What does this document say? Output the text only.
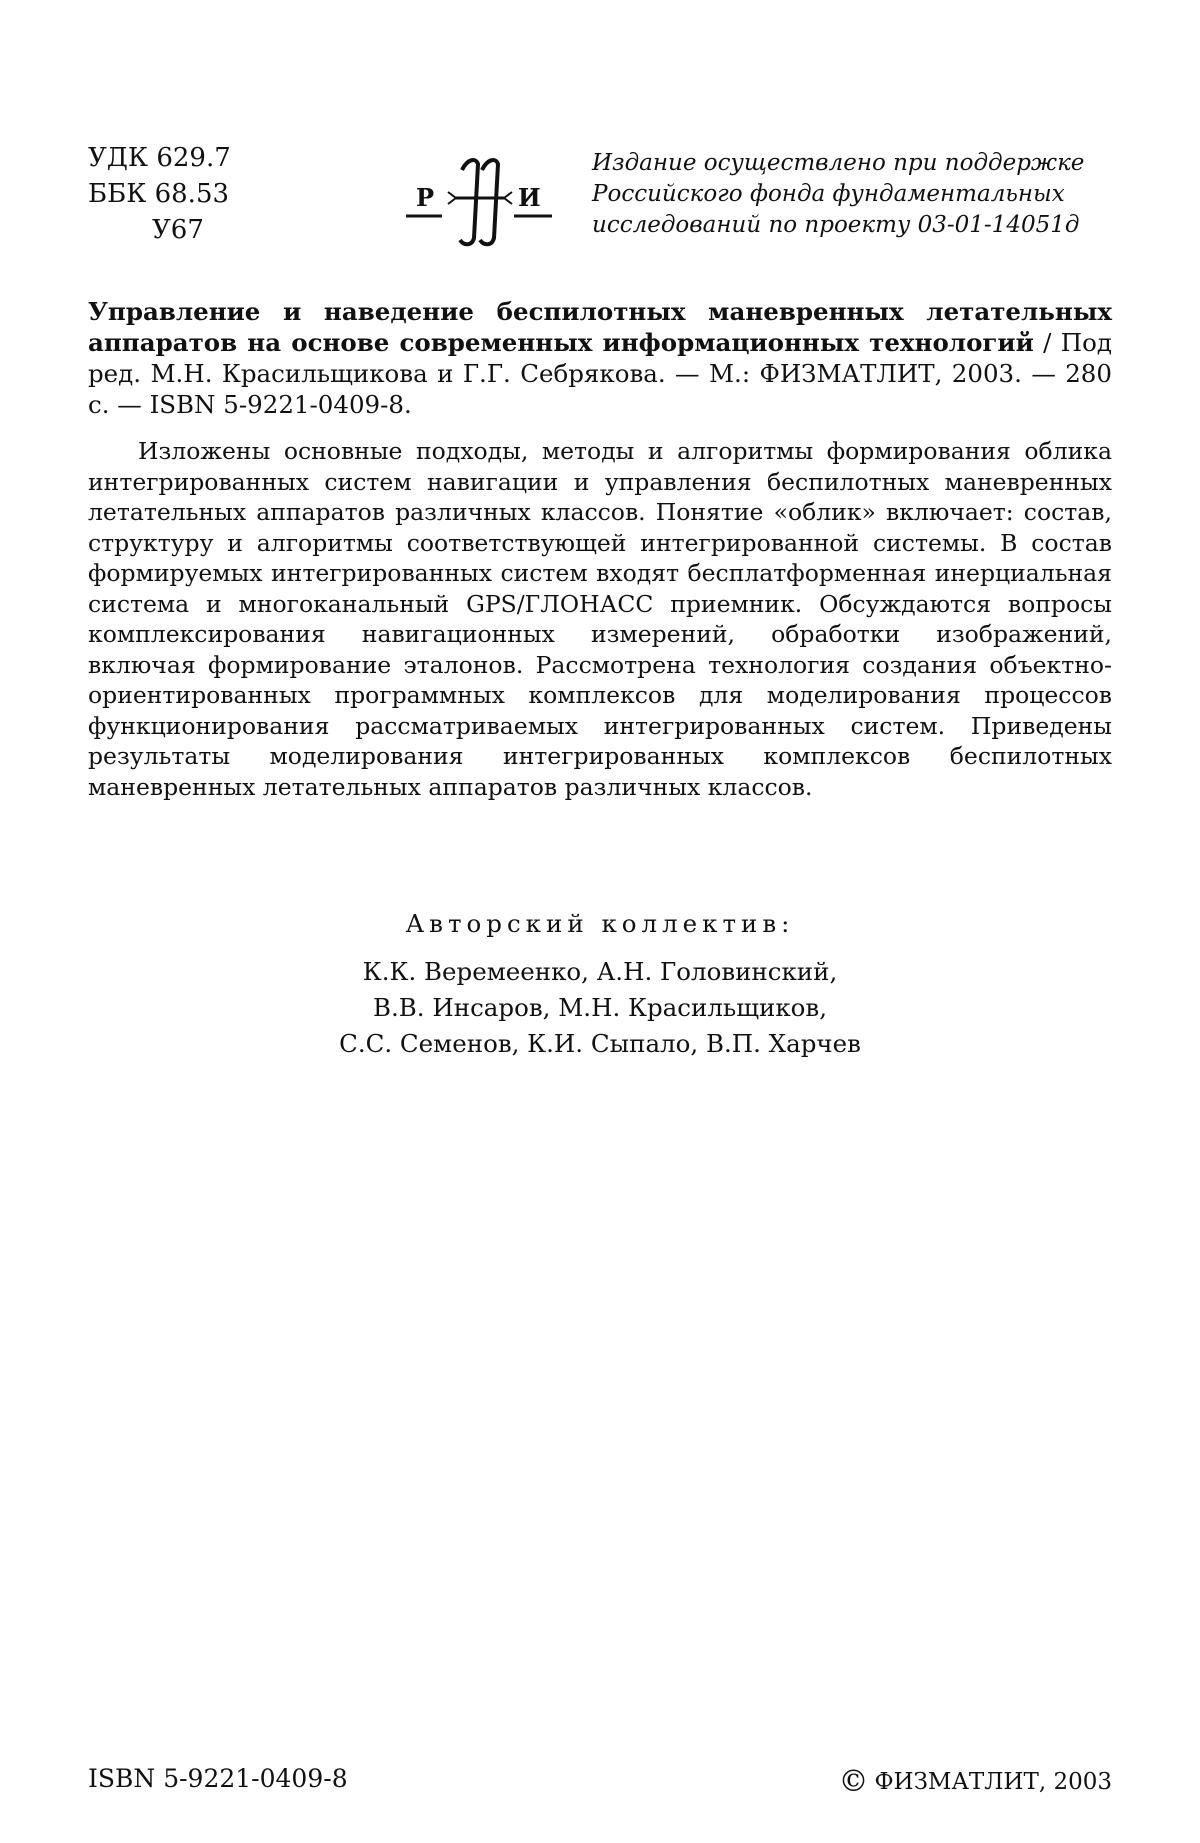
УДК 629.7
ББК 68.53
У67
Р	И
Издание осуществлено при поддержке
Российского фонда фундаментальных
исследований по проекту 03-01-14051д
Управление и наведение беспилотных маневренных летательных аппаратов на основе современных информационных технологий / Под ред. М.Н. Красильщикова и Г.Г. Себрякова. — М.: ФИЗМАТЛИТ, 2003. — 280 с. — ISBN 5-9221-0409-8.
Изложены основные подходы, методы и алгоритмы формирования облика интегрированных систем навигации и управления беспилотных маневренных летательных аппаратов различных классов. Понятие «облик» включает: состав, структуру и алгоритмы соответствующей интегрированной системы. В состав формируемых интегрированных систем входят бесплатформенная инерциальная система и многоканальный GPS/ГЛОНАСС приемник. Обсуждаются вопросы комплексирования навигационных измерений, обработки изображений, включая формирование эталонов. Рассмотрена технология создания объектно-ориентированных программных комплексов для моделирования процессов функционирования рассматриваемых интегрированных систем. Приведены результаты моделирования интегрированных комплексов беспилотных маневренных летательных аппаратов различных классов.
Авторский коллектив:
К.К. Веремеенко, А.Н. Головинский,
В.В. Инсаров, М.Н. Красильщиков,
С.С. Семенов, К.И. Сыпало, В.П. Харчев
ISBN 5-9221-0409-8	© ФИЗМАТЛИТ, 2003
